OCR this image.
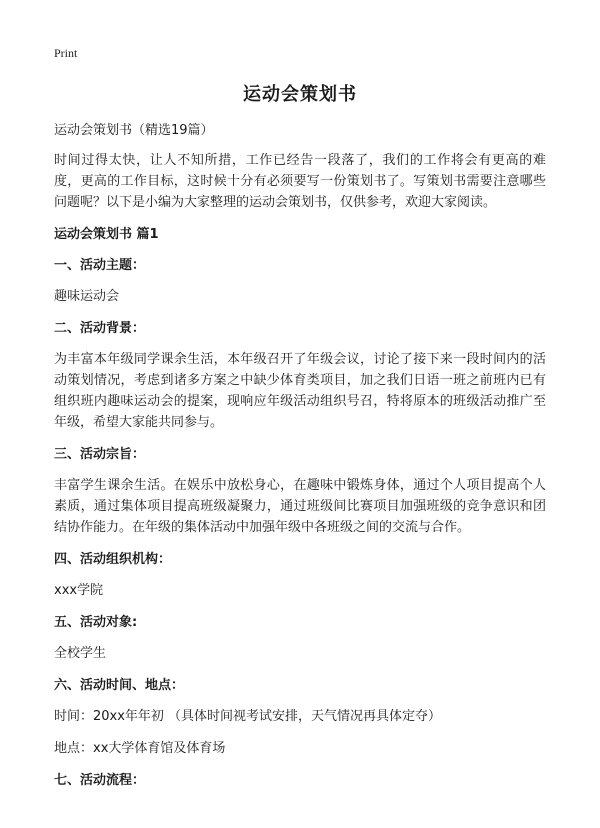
Print
运动会策划书

运动会策划书（精选19篇）

时间过得太快，让人不知所措，工作已经告一段落了，我们的工作将会有更高的难度，更高的工作目标，这时候十分有必须要写一份策划书了。写策划书需要注意哪些问题呢？以下是小编为大家整理的运动会策划书，仅供参考，欢迎大家阅读。

运动会策划书 篇1

一、活动主题：

趣味运动会

二、活动背景：

为丰富本年级同学课余生活，本年级召开了年级会议，讨论了接下来一段时间内的活动策划情况，考虑到诸多方案之中缺少体育类项目，加之我们日语一班之前班内已有组织班内趣味运动会的提案，现响应年级活动组织号召，特将原本的班级活动推广至年级，希望大家能共同参与。

三、活动宗旨：

丰富学生课余生活。在娱乐中放松身心，在趣味中锻炼身体，通过个人项目提高个人素质，通过集体项目提高班级凝聚力，通过班级间比赛项目加强班级的竞争意识和团结协作能力。在年级的集体活动中加强年级中各班级之间的交流与合作。

四、活动组织机构：

xxx学院

五、活动对象:

全校学生

六、活动时间、地点：

时间：20xx年年初 （具体时间视考试安排，天气情况再具体定夺）

地点：xx大学体育馆及体育场

七、活动流程：
